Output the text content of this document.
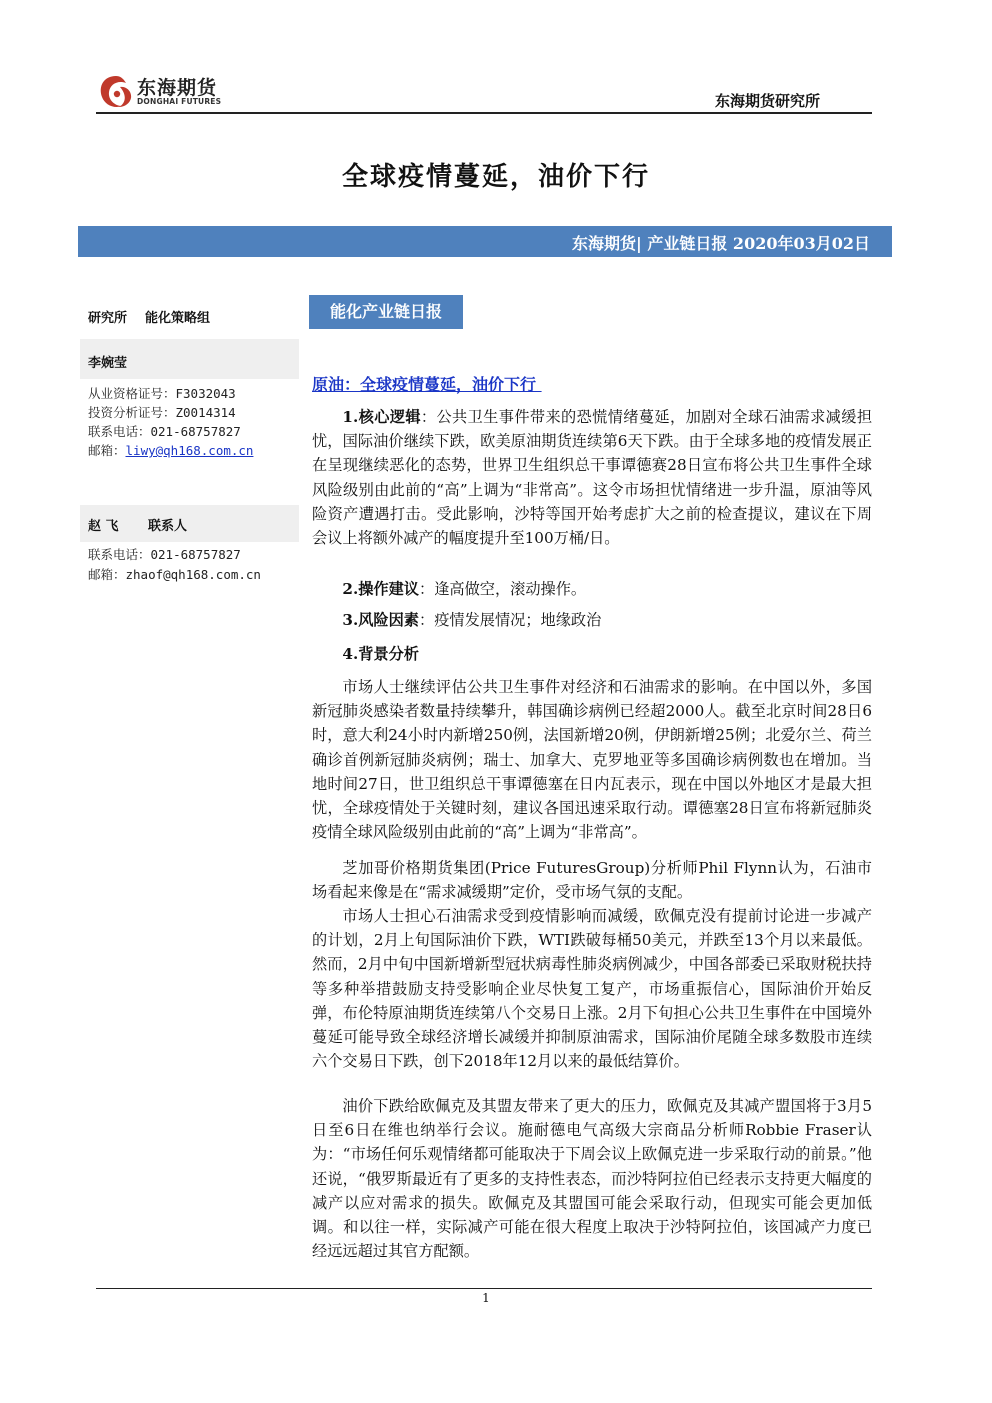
东海期货
DONGHAI FUTURES	东海期货研究所
全球疫情蔓延，油价下行
东海期货| 产业链日报 2020年03月02日
研究所 能化策略组
李婉莹
从业资格证号：F3032043
投资分析证号：Z0014314
联系电话：021-68757827
邮箱：liwy@qh168.com.cn
赵 飞 联系人
联系电话：021-68757827
邮箱：zhaof@qh168.com.cn
能化产业链日报
原油：全球疫情蔓延，油价下行
1.核心逻辑：公共卫生事件带来的恐慌情绪蔓延，加剧对全球石油需求减缓担忧，国际油价继续下跌，欧美原油期货连续第6天下跌。由于全球多地的疫情发展正在呈现继续恶化的态势，世界卫生组织总干事谭德赛28日宣布将公共卫生事件全球风险级别由此前的“高”上调为“非常高”。这令市场担忧情绪进一步升温，原油等风险资产遭遇打击。受此影响，沙特等国开始考虑扩大之前的检查提议，建议在下周会议上将额外减产的幅度提升至100万桶/日。
2.操作建议：逢高做空，滚动操作。
3.风险因素：疫情发展情况；地缘政治
4.背景分析
市场人士继续评估公共卫生事件对经济和石油需求的影响。在中国以外，多国新冠肺炎感染者数量持续攀升，韩国确诊病例已经超2000人。截至北京时间28日6时，意大利24小时内新增250例，法国新增20例，伊朗新增25例；北爱尔兰、荷兰确诊首例新冠肺炎病例；瑞士、加拿大、克罗地亚等多国确诊病例数也在增加。当地时间27日，世卫组织总干事谭德塞在日内瓦表示，现在中国以外地区才是最大担忧，全球疫情处于关键时刻，建议各国迅速采取行动。谭德塞28日宣布将新冠肺炎疫情全球风险级别由此前的“高”上调为“非常高”。
芝加哥价格期货集团(Price FuturesGroup)分析师Phil Flynn认为，石油市场看起来像是在“需求减缓期”定价，受市场气氛的支配。
市场人士担心石油需求受到疫情影响而减缓，欧佩克没有提前讨论进一步减产的计划，2月上旬国际油价下跌，WTI跌破每桶50美元，并跌至13个月以来最低。然而，2月中旬中国新增新型冠状病毒性肺炎病例减少，中国各部委已采取财税扶持等多种举措鼓励支持受影响企业尽快复工复产，市场重振信心，国际油价开始反弹，布伦特原油期货连续第八个交易日上涨。2月下旬担心公共卫生事件在中国境外蔓延可能导致全球经济增长减缓并抑制原油需求，国际油价尾随全球多数股市连续六个交易日下跌，创下2018年12月以来的最低结算价。
油价下跌给欧佩克及其盟友带来了更大的压力，欧佩克及其减产盟国将于3月5日至6日在维也纳举行会议。施耐德电气高级大宗商品分析师Robbie Fraser认为：“市场任何乐观情绪都可能取决于下周会议上欧佩克进一步采取行动的前景。”他还说，“俄罗斯最近有了更多的支持性表态，而沙特阿拉伯已经表示支持更大幅度的减产以应对需求的损失。欧佩克及其盟国可能会采取行动，但现实可能会更加低调。和以往一样，实际减产可能在很大程度上取决于沙特阿拉伯，该国减产力度已经远远超过其官方配额。
1
